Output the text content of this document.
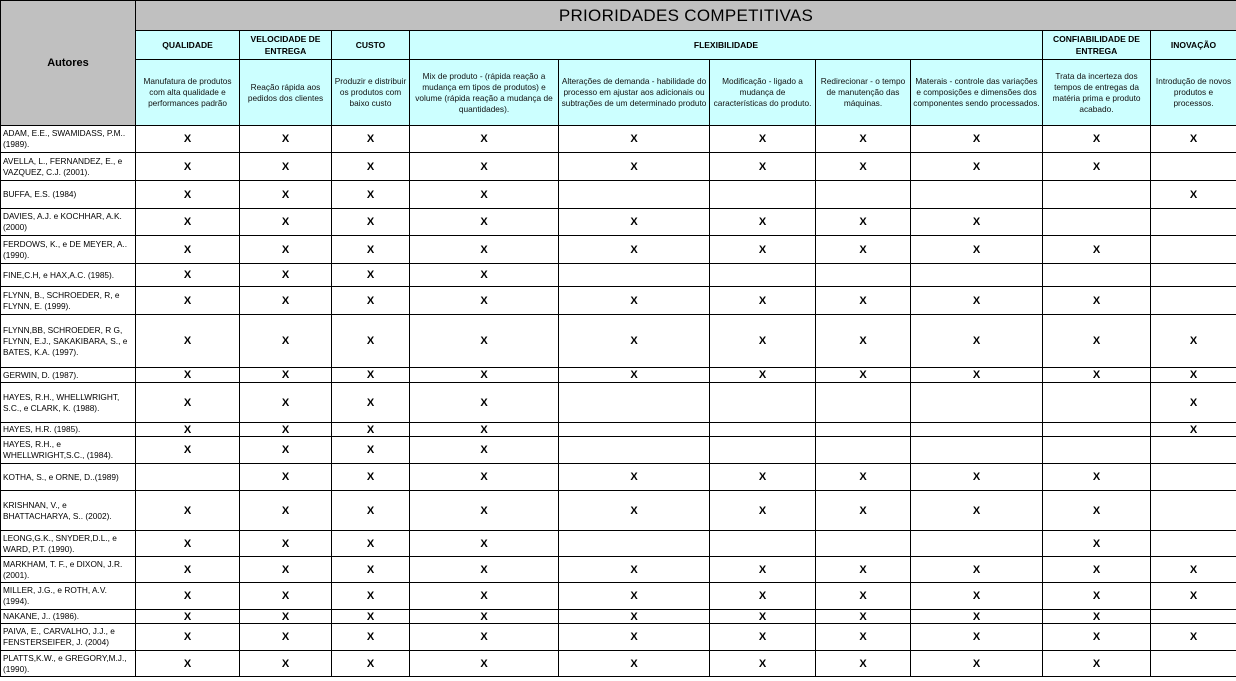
Autores	PRIORIDADES COMPETITIVAS									
	QUALIDADE	VELOCIDADE DE ENTREGA	CUSTO	FLEXIBILIDADE					CONFIABILIDADE DE ENTREGA	INOVAÇÃO
	Manufatura de produtos com alta qualidade e performances padrão	Reação rápida aos pedidos dos clientes	Produzir e distribuir os produtos com baixo custo	Mix de produto - (rápida reação a mudança em tipos de produtos) e volume (rápida reação a mudança de quantidades).	Alterações de demanda - habilidade do processo em ajustar aos adicionais ou subtrações de um determinado produto	Modificação - ligado a mudança de características do produto.	Redirecionar - o tempo de manutenção das máquinas.	Materais - controle das variações e composições e dimensões dos componentes sendo processados.	Trata da incerteza dos tempos de entregas da matéria prima e produto acabado.	Introdução de novos produtos e processos.
ADAM, E.E., SWAMIDASS, P.M.. (1989).	X	X	X	X	X	X	X	X	X	X
AVELLA, L., FERNANDEZ, E., e VAZQUEZ, C.J. (2001).	X	X	X	X	X	X	X	X	X	
BUFFA, E.S. (1984)	X	X	X	X						X
DAVIES, A.J. e KOCHHAR, A.K. (2000)	X	X	X	X	X	X	X	X		
FERDOWS, K., e DE MEYER, A..(1990).	X	X	X	X	X	X	X	X	X	
FINE,C.H, e HAX,A.C. (1985).	X	X	X	X						
FLYNN, B., SCHROEDER, R, e FLYNN, E. (1999).	X	X	X	X	X	X	X	X	X	
FLYNN,BB, SCHROEDER, R G, FLYNN, E.J., SAKAKIBARA, S., e BATES, K.A. (1997).	X	X	X	X	X	X	X	X	X	X
GERWIN, D. (1987).	X	X	X	X	X	X	X	X	X	X
HAYES, R.H., WHELLWRIGHT, S.C., e CLARK, K. (1988).	X	X	X	X						X
HAYES, H.R. (1985).	X	X	X	X						X
HAYES, R.H., e WHELLWRIGHT,S.C., (1984).	X	X	X	X						
KOTHA, S., e ORNE, D..(1989)		X	X	X	X	X	X	X	X	
KRISHNAN, V., e BHATTACHARYA, S.. (2002).	X	X	X	X	X	X	X	X	X	
LEONG,G.K., SNYDER,D.L., e WARD, P.T. (1990).	X	X	X	X					X	
MARKHAM, T. F., e DIXON, J.R. (2001).	X	X	X	X	X	X	X	X	X	X
MILLER, J.G., e ROTH, A.V. (1994).	X	X	X	X	X	X	X	X	X	X
NAKANE, J.. (1986).	X	X	X	X	X	X	X	X	X	
PAIVA, E., CARVALHO, J.J., e FENSTERSEIFER, J. (2004)	X	X	X	X	X	X	X	X	X	X
PLATTS,K.W., e GREGORY,M.J., (1990).	X	X	X	X	X	X	X	X	X	
